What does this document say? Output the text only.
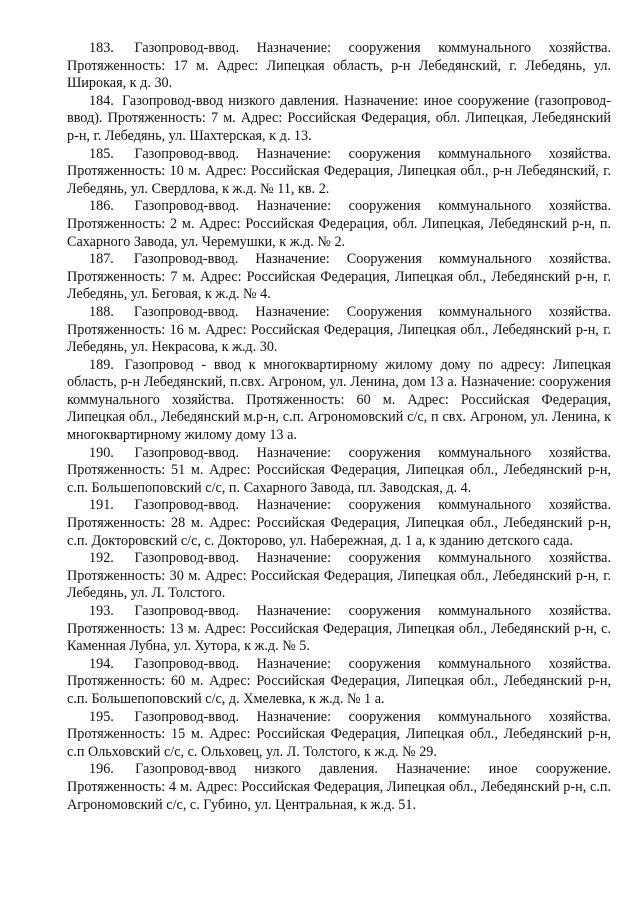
183. Газопровод-ввод. Назначение: сооружения коммунального хозяйства. Протяженность: 17 м. Адрес: Липецкая область, р-н Лебедянский, г. Лебедянь, ул. Широкая, к д. 30.

184. Газопровод-ввод низкого давления. Назначение: иное сооружение (газопровод-ввод). Протяженность: 7 м. Адрес: Российская Федерация, обл. Липецкая, Лебедянский р-н, г. Лебедянь, ул. Шахтерская, к д. 13.

185. Газопровод-ввод. Назначение: сооружения коммунального хозяйства. Протяженность: 10 м. Адрес: Российская Федерация, Липецкая обл., р-н Лебедянский, г. Лебедянь, ул. Свердлова, к ж.д. № 11, кв. 2.

186. Газопровод-ввод. Назначение: сооружения коммунального хозяйства. Протяженность: 2 м. Адрес: Российская Федерация, обл. Липецкая, Лебедянский р-н, п. Сахарного Завода, ул. Черемушки, к ж.д. № 2.

187. Газопровод-ввод. Назначение: Сооружения коммунального хозяйства. Протяженность: 7 м. Адрес: Российская Федерация, Липецкая обл., Лебедянский р-н, г. Лебедянь, ул. Беговая, к ж.д. № 4.

188. Газопровод-ввод. Назначение: Сооружения коммунального хозяйства. Протяженность: 16 м. Адрес: Российская Федерация, Липецкая обл., Лебедянский р-н, г. Лебедянь, ул. Некрасова, к ж.д. 30.

189. Газопровод - ввод к многоквартирному жилому дому по адресу: Липецкая область, р-н Лебедянский, п.свх. Агроном, ул. Ленина, дом 13 а. Назначение: сооружения коммунального хозяйства. Протяженность: 60 м. Адрес: Российская Федерация, Липецкая обл., Лебедянский м.р-н, с.п. Агрономовский с/с, п свх. Агроном, ул. Ленина, к многоквартирному жилому дому 13 а.

190. Газопровод-ввод. Назначение: сооружения коммунального хозяйства. Протяженность: 51 м. Адрес: Российская Федерация, Липецкая обл., Лебедянский р-н, с.п. Большепоповский с/с, п. Сахарного Завода, пл. Заводская, д. 4.

191. Газопровод-ввод. Назначение: сооружения коммунального хозяйства. Протяженность: 28 м. Адрес: Российская Федерация, Липецкая обл., Лебедянский р-н, с.п. Докторовский с/с, с. Докторово, ул. Набережная, д. 1 а, к зданию детского сада.

192. Газопровод-ввод. Назначение: сооружения коммунального хозяйства. Протяженность: 30 м. Адрес: Российская Федерация, Липецкая обл., Лебедянский р-н, г. Лебедянь, ул. Л. Толстого.

193. Газопровод-ввод. Назначение: сооружения коммунального хозяйства. Протяженность: 13 м. Адрес: Российская Федерация, Липецкая обл., Лебедянский р-н, с. Каменная Лубна, ул. Хутора, к ж.д. № 5.

194. Газопровод-ввод. Назначение: сооружения коммунального хозяйства. Протяженность: 60 м. Адрес: Российская Федерация, Липецкая обл., Лебедянский р-н, с.п. Большепоповский с/с, д. Хмелевка, к ж.д. № 1 а.

195. Газопровод-ввод. Назначение: сооружения коммунального хозяйства. Протяженность: 15 м. Адрес: Российская Федерация, Липецкая обл., Лебедянский р-н, с.п Ольховский с/с, с. Ольховец, ул. Л. Толстого, к ж.д. № 29.

196. Газопровод-ввод низкого давления. Назначение: иное сооружение. Протяженность: 4 м. Адрес: Российская Федерация, Липецкая обл., Лебедянский р-н, с.п. Агрономовский с/с, с. Губино, ул. Центральная, к ж.д. 51.
